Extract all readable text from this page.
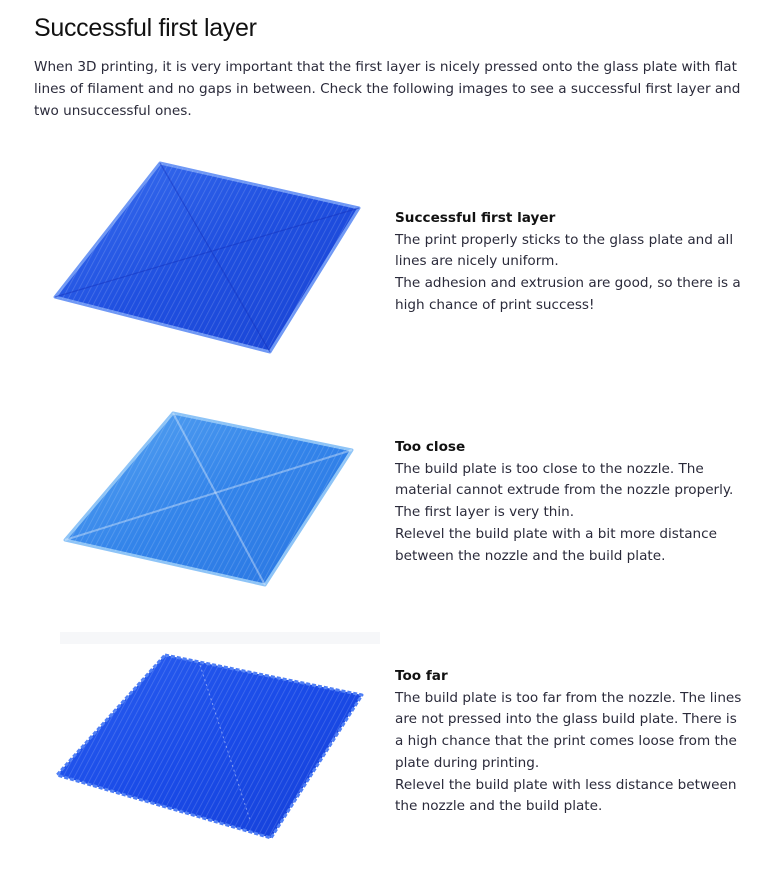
Successful first layer

When 3D printing, it is very important that the first layer is nicely pressed onto the glass plate with flat lines of filament and no gaps in between. Check the following images to see a successful first layer and two unsuccessful ones.

Successful first layer

The print properly sticks to the glass plate and all lines are nicely uniform.

The adhesion and extrusion are good, so there is a high chance of print success!

Too close

The build plate is too close to the nozzle. The material cannot extrude from the nozzle properly.

The first layer is very thin.

Relevel the build plate with a bit more distance between the nozzle and the build plate.

Too far

The build plate is too far from the nozzle. The lines are not pressed into the glass build plate. There is a high chance that the print comes loose from the plate during printing.

Relevel the build plate with less distance between the nozzle and the build plate.
